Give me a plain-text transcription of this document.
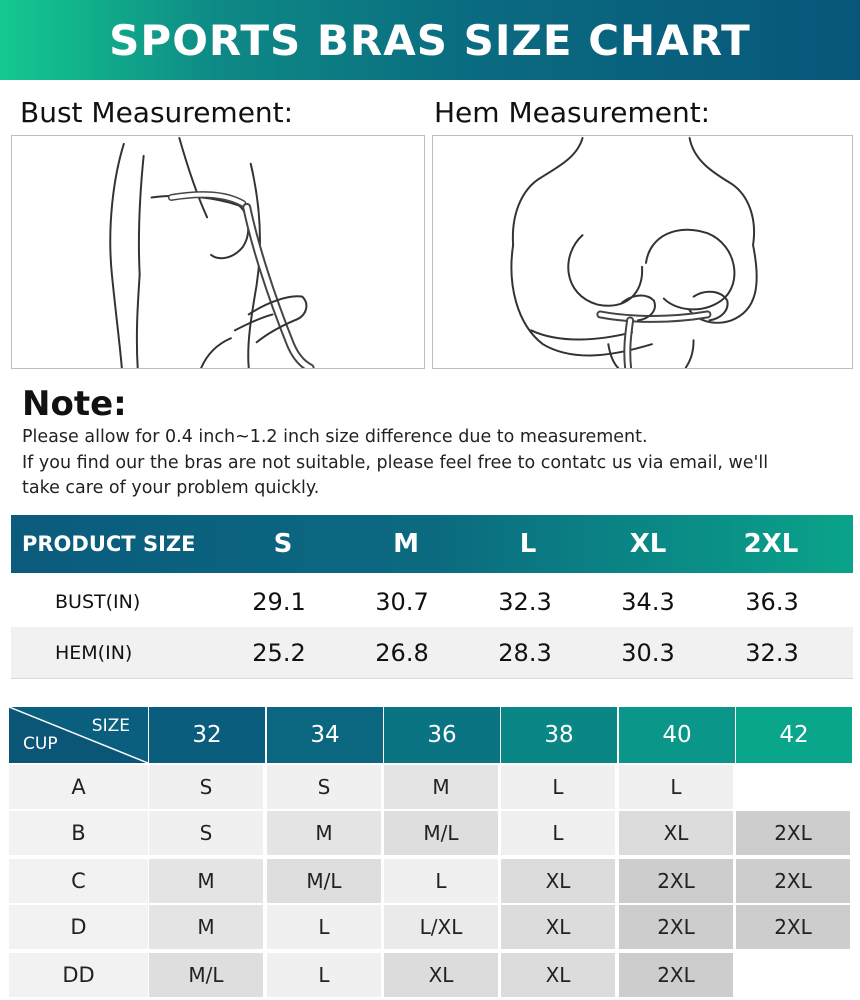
SPORTS BRAS SIZE CHART
Bust Measurement:	Hem Measurement:
Note:
Please allow for 0.4 inch~1.2 inch size difference due to measurement.
If you find our the bras are not suitable, please feel free to contatc us via email, we'll
take care of your problem quickly.
PRODUCT SIZE	S	M	L	XL	2XL
BUST(IN)	29.1	30.7	32.3	34.3	36.3
HEM(IN)	25.2	26.8	28.3	30.3	32.3
SIZE
CUP	32	34	36	38	40	42
A	S	S	M	L	L
B	S	M	M/L	L	XL	2XL
C	M	M/L	L	XL	2XL	2XL
D	M	L	L/XL	XL	2XL	2XL
DD	M/L	L	XL	XL	2XL
